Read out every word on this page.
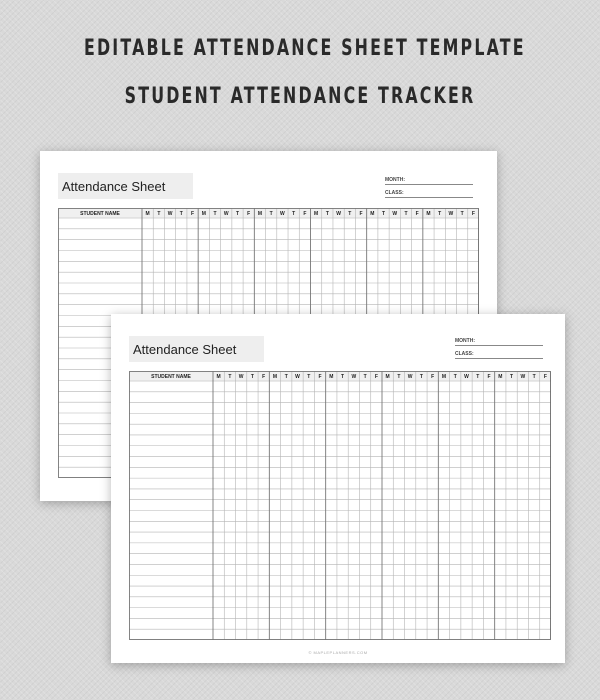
EDITABLE ATTENDANCE SHEET TEMPLATE
STUDENT ATTENDANCE TRACKER
Attendance Sheet	MONTH:
CLASS:
STUDENT NAME	M T W T F M T W T F M T W T F M T W T F M T W T F M T W T F
Attendance Sheet
MONTH:
CLASS:
STUDENT NAME	M T W T F M T W T F M T W T F M T W T F M T W T F M T W T F
© MAPLEPLANNERS.COM
